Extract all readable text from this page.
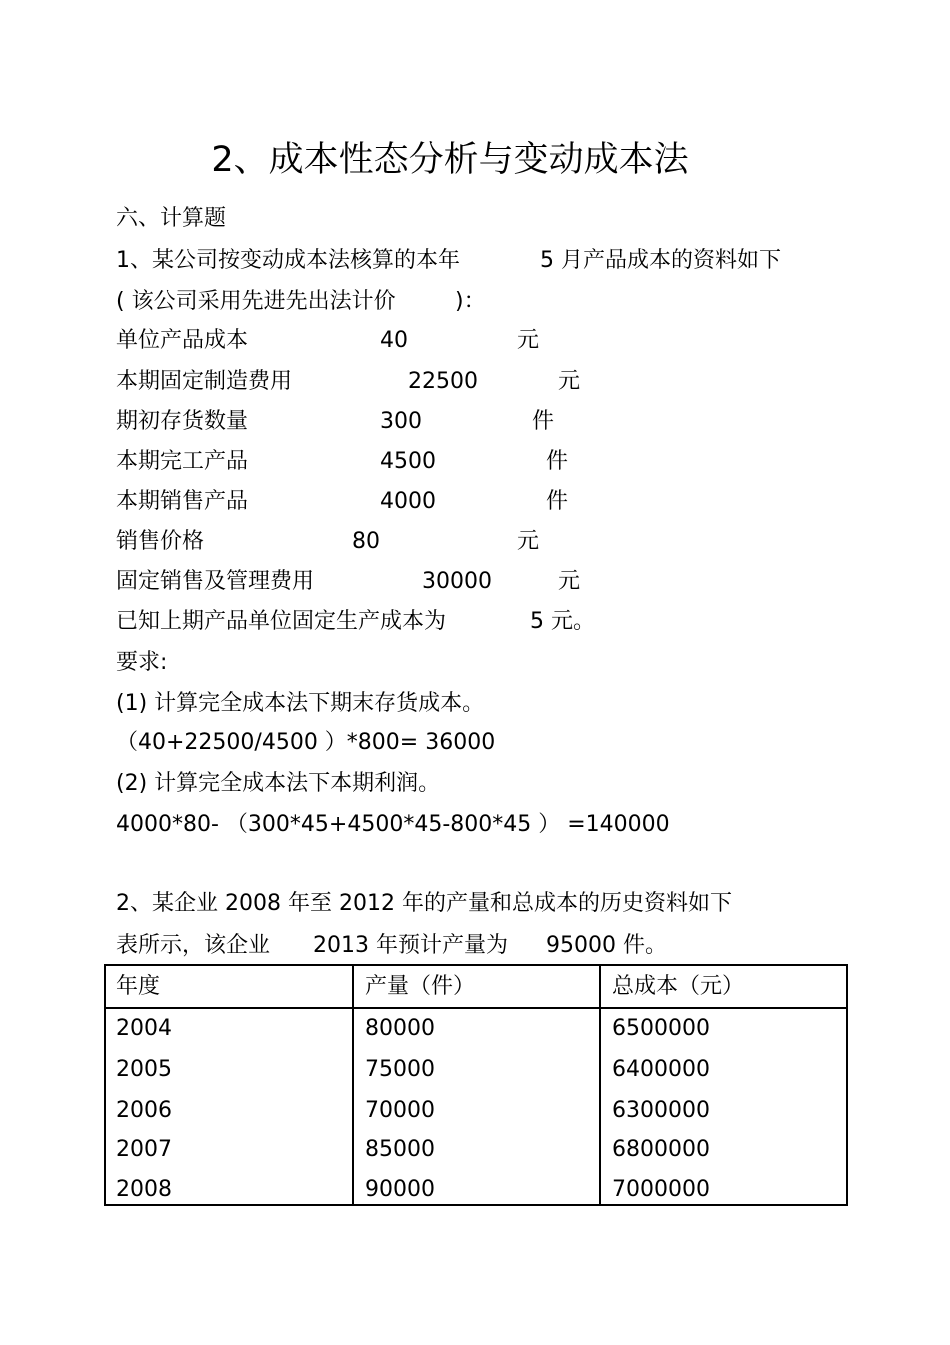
2、成本性态分析与变动成本法
六、计算题
1、某公司按变动成本法核算的本年	5 月产品成本的资料如下
( 该公司采用先进先出法计价	)：
单位产品成本	40	元
本期固定制造费用	22500	元
期初存货数量	300	件
本期完工产品	4500	件
本期销售产品	4000	件
销售价格	80	元
固定销售及管理费用	30000	元
已知上期产品单位固定生产成本为	5 元。
要求:
(1) 计算完全成本法下期末存货成本。
（40+22500/4500 ）*800= 36000
(2) 计算完全成本法下本期利润。
4000*80- （300*45+4500*45-800*45 ） =140000
2、某企业 2008 年至 2012 年的产量和总成本的历史资料如下
表所示，该企业 2013 年预计产量为 95000 件。
年度	产量（件）	总成本（元）
2004	80000	6500000
2005	75000	6400000
2006	70000	6300000
2007	85000	6800000
2008	90000	7000000
